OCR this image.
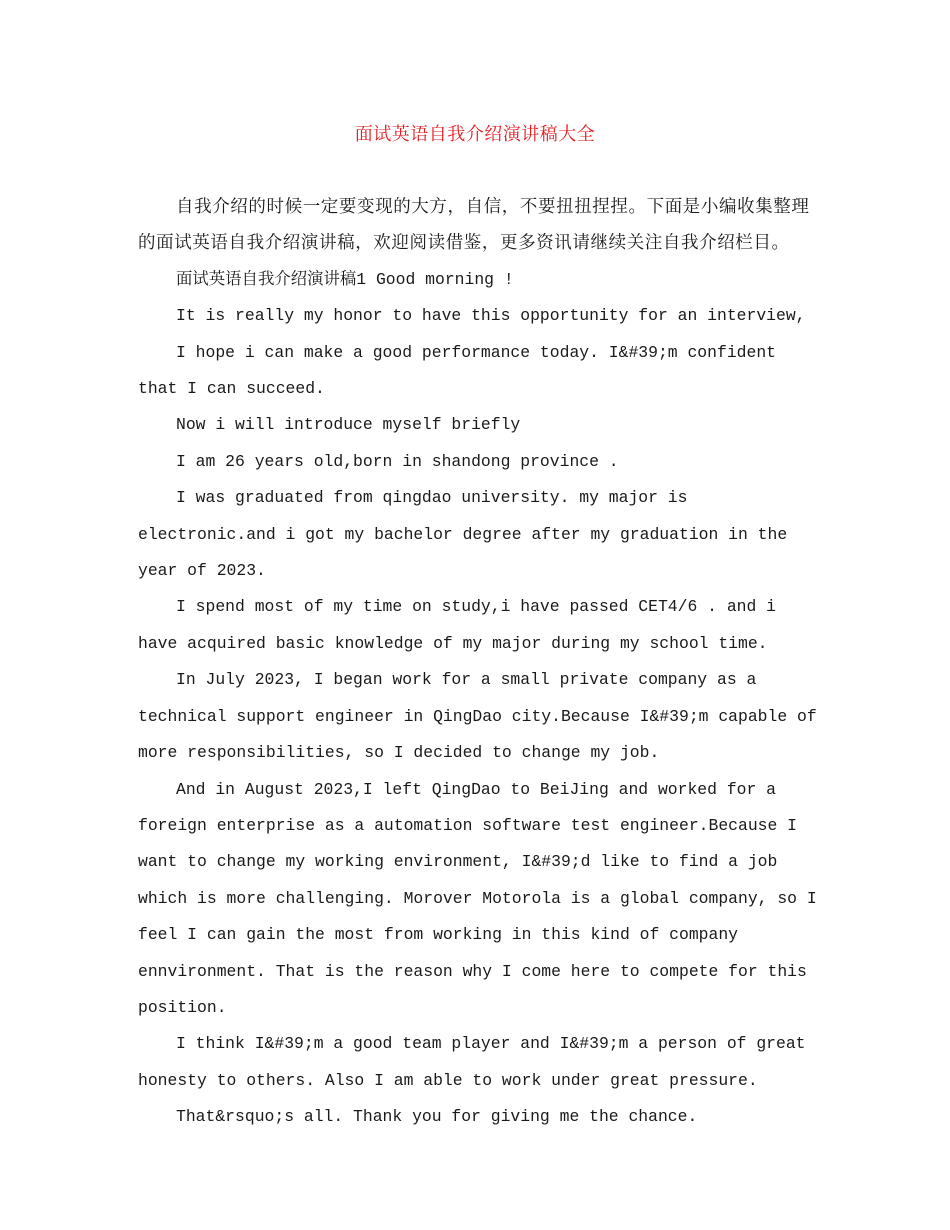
面试英语自我介绍演讲稿大全

自我介绍的时候一定要变现的大方，自信，不要扭扭捏捏。下面是小编收集整理的面试英语自我介绍演讲稿，欢迎阅读借鉴，更多资讯请继续关注自我介绍栏目。

面试英语自我介绍演讲稿1 Good morning !

It is really my honor to have this opportunity for an interview,

I hope i can make a good performance today. I&#39;m confident that I can succeed.

Now i will introduce myself briefly

I am 26 years old,born in shandong province .

I was graduated from qingdao university. my major is electronic.and i got my bachelor degree after my graduation in the year of 2023.

I spend most of my time on study,i have passed CET4/6 . and i have acquired basic knowledge of my major during my school time.

In July 2023, I began work for a small private company as a technical support engineer in QingDao city.Because I&#39;m capable of more responsibilities, so I decided to change my job.

And in August 2023,I left QingDao to BeiJing and worked for a foreign enterprise as a automation software test engineer.Because I want to change my working environment, I&#39;d like to find a job which is more challenging. Morover Motorola is a global company, so I feel I can gain the most from working in this kind of company ennvironment. That is the reason why I come here to compete for this position.

I think I&#39;m a good team player and I&#39;m a person of great honesty to others. Also I am able to work under great pressure.

That&rsquo;s all. Thank you for giving me the chance.
